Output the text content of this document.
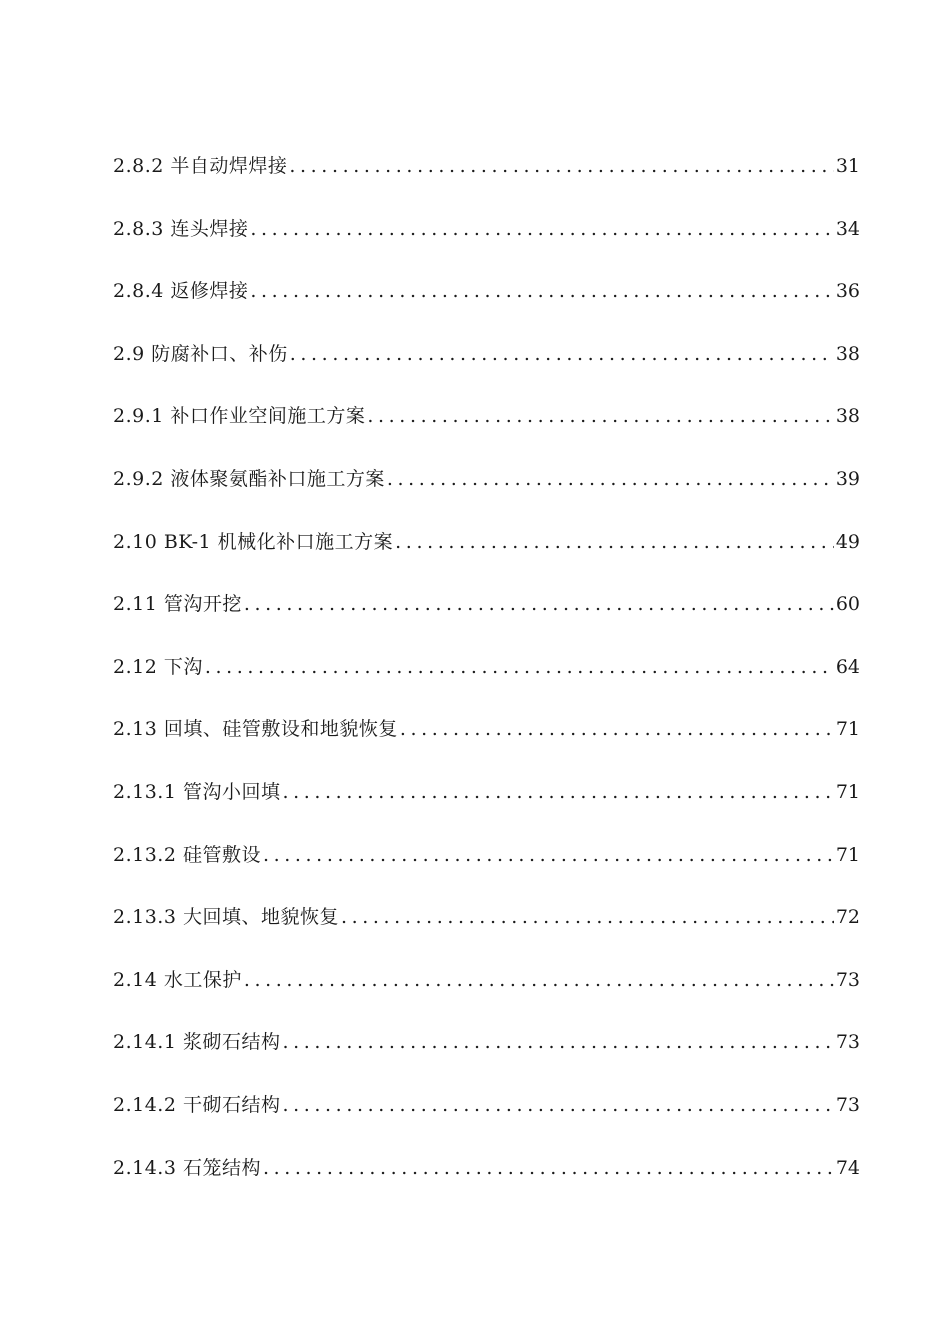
2.8.2 半自动焊焊接 .....	31
2.8.3 连头焊接 .....	34
2.8.4 返修焊接 .....	36
2.9 防腐补口、补伤 .....	38
2.9.1 补口作业空间施工方案 .....	38
2.9.2 液体聚氨酯补口施工方案 .....	39
2.10 BK-1 机械化补口施工方案 .....	49
2.11 管沟开挖 .....	60
2.12 下沟 .....	64
2.13 回填、硅管敷设和地貌恢复 .....	71
2.13.1 管沟小回填 .....	71
2.13.2 硅管敷设 .....	71
2.13.3 大回填、地貌恢复 .....	72
2.14 水工保护 .....	73
2.14.1 浆砌石结构 .....	73
2.14.2 干砌石结构 .....	73
2.14.3 石笼结构 .....	74
